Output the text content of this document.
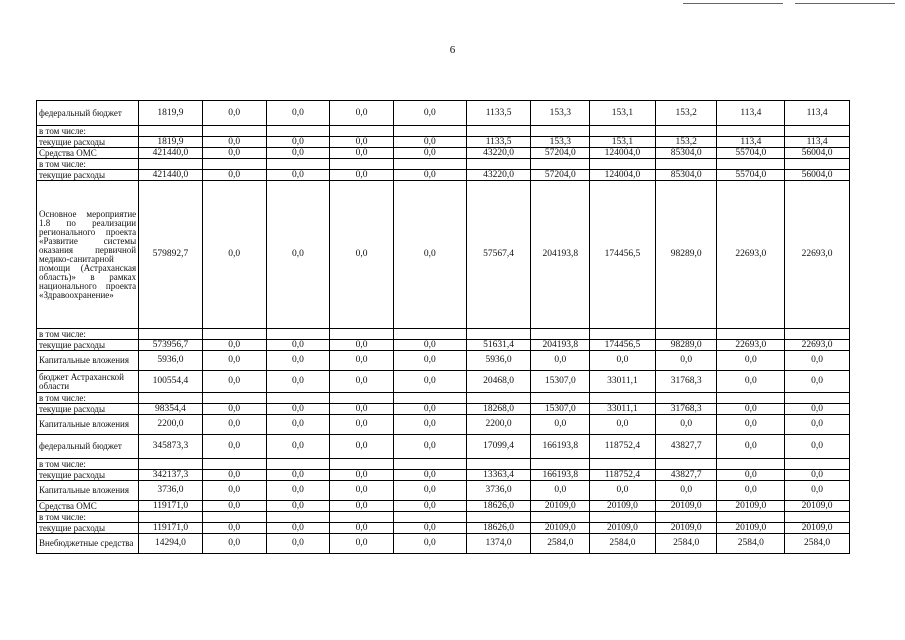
6
федеральный бюджет	1819,9	0,0	0,0	0,0	0,0	1133,5	153,3	153,1	153,2	113,4	113,4
в том числе:											
текущие расходы	1819,9	0,0	0,0	0,0	0,0	1133,5	153,3	153,1	153,2	113,4	113,4
Средства ОМС	421440,0	0,0	0,0	0,0	0,0	43220,0	57204,0	124004,0	85304,0	55704,0	56004,0
в том числе:											
текущие расходы	421440,0	0,0	0,0	0,0	0,0	43220,0	57204,0	124004,0	85304,0	55704,0	56004,0
Основное мероприятие 1.8 по реализации регионального проекта «Развитие системы оказания первичной медико-санитарной помощи (Астраханская область)» в рамках национального проекта «Здравоохранение»	579892,7	0,0	0,0	0,0	0,0	57567,4	204193,8	174456,5	98289,0	22693,0	22693,0
в том числе:											
текущие расходы	573956,7	0,0	0,0	0,0	0,0	51631,4	204193,8	174456,5	98289,0	22693,0	22693,0
Капитальные вложения	5936,0	0,0	0,0	0,0	0,0	5936,0	0,0	0,0	0,0	0,0	0,0
бюджет Астраханской области	100554,4	0,0	0,0	0,0	0,0	20468,0	15307,0	33011,1	31768,3	0,0	0,0
в том числе:											
текущие расходы	98354,4	0,0	0,0	0,0	0,0	18268,0	15307,0	33011,1	31768,3	0,0	0,0
Капитальные вложения	2200,0	0,0	0,0	0,0	0,0	2200,0	0,0	0,0	0,0	0,0	0,0
федеральный бюджет	345873,3	0,0	0,0	0,0	0,0	17099,4	166193,8	118752,4	43827,7	0,0	0,0
в том числе:											
текущие расходы	342137,3	0,0	0,0	0,0	0,0	13363,4	166193,8	118752,4	43827,7	0,0	0,0
Капитальные вложения	3736,0	0,0	0,0	0,0	0,0	3736,0	0,0	0,0	0,0	0,0	0,0
Средства ОМС	119171,0	0,0	0,0	0,0	0,0	18626,0	20109,0	20109,0	20109,0	20109,0	20109,0
в том числе:											
текущие расходы	119171,0	0,0	0,0	0,0	0,0	18626,0	20109,0	20109,0	20109,0	20109,0	20109,0
Внебюджетные средства	14294,0	0,0	0,0	0,0	0,0	1374,0	2584,0	2584,0	2584,0	2584,0	2584,0
